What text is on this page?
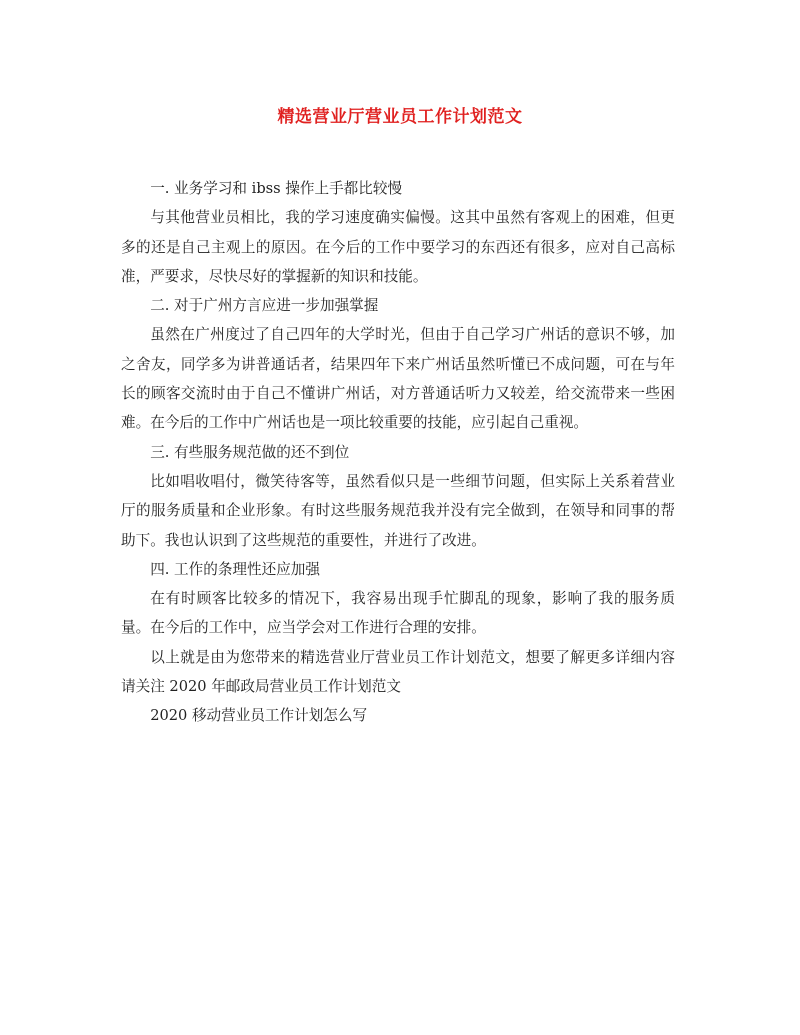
精选营业厅营业员工作计划范文

一. 业务学习和 ibss 操作上手都比较慢

与其他营业员相比，我的学习速度确实偏慢。这其中虽然有客观上的困难，但更多的还是自己主观上的原因。在今后的工作中要学习的东西还有很多，应对自己高标准，严要求，尽快尽好的掌握新的知识和技能。

二. 对于广州方言应进一步加强掌握

虽然在广州度过了自己四年的大学时光，但由于自己学习广州话的意识不够，加之舍友，同学多为讲普通话者，结果四年下来广州话虽然听懂已不成问题，可在与年长的顾客交流时由于自己不懂讲广州话，对方普通话听力又较差，给交流带来一些困难。在今后的工作中广州话也是一项比较重要的技能，应引起自己重视。

三. 有些服务规范做的还不到位

比如唱收唱付，微笑待客等，虽然看似只是一些细节问题，但实际上关系着营业厅的服务质量和企业形象。有时这些服务规范我并没有完全做到，在领导和同事的帮助下。我也认识到了这些规范的重要性，并进行了改进。

四. 工作的条理性还应加强

在有时顾客比较多的情况下，我容易出现手忙脚乱的现象，影响了我的服务质量。在今后的工作中，应当学会对工作进行合理的安排。

以上就是由为您带来的精选营业厅营业员工作计划范文，想要了解更多详细内容请关注 2020 年邮政局营业员工作计划范文

2020 移动营业员工作计划怎么写
